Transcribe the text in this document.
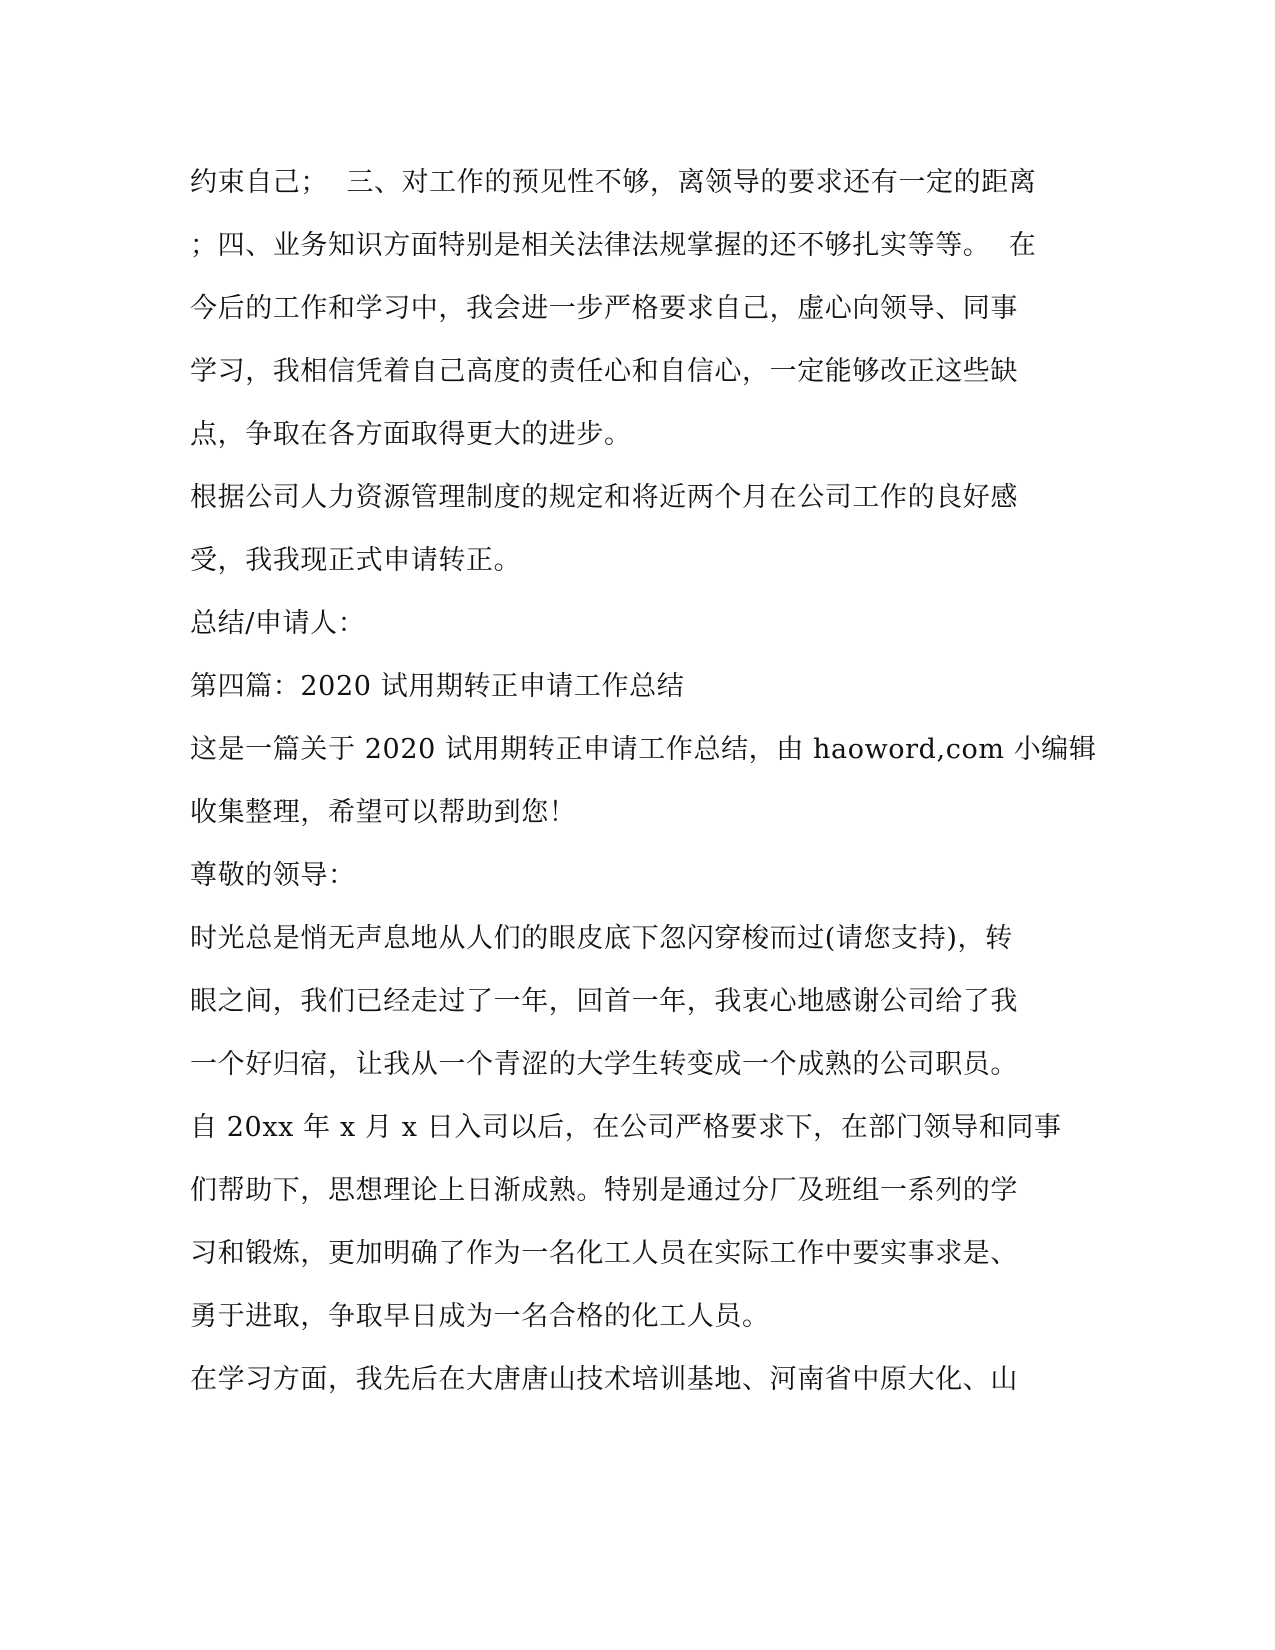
约束自己；  三、对工作的预见性不够，离领导的要求还有一定的距离
；四、业务知识方面特别是相关法律法规掌握的还不够扎实等等。  在
今后的工作和学习中，我会进一步严格要求自己，虚心向领导、同事
学习，我相信凭着自己高度的责任心和自信心，一定能够改正这些缺
点，争取在各方面取得更大的进步。
根据公司人力资源管理制度的规定和将近两个月在公司工作的良好感
受，我我现正式申请转正。
总结/申请人：
第四篇：2020 试用期转正申请工作总结
这是一篇关于 2020 试用期转正申请工作总结，由 haoword,com 小编辑
收集整理，希望可以帮助到您！
尊敬的领导：
时光总是悄无声息地从人们的眼皮底下忽闪穿梭而过(请您支持)，转
眼之间，我们已经走过了一年，回首一年，我衷心地感谢公司给了我
一个好归宿，让我从一个青涩的大学生转变成一个成熟的公司职员。
自 20xx 年 x 月 x 日入司以后，在公司严格要求下，在部门领导和同事
们帮助下，思想理论上日渐成熟。特别是通过分厂及班组一系列的学
习和锻炼，更加明确了作为一名化工人员在实际工作中要实事求是、
勇于进取，争取早日成为一名合格的化工人员。
在学习方面，我先后在大唐唐山技术培训基地、河南省中原大化、山
